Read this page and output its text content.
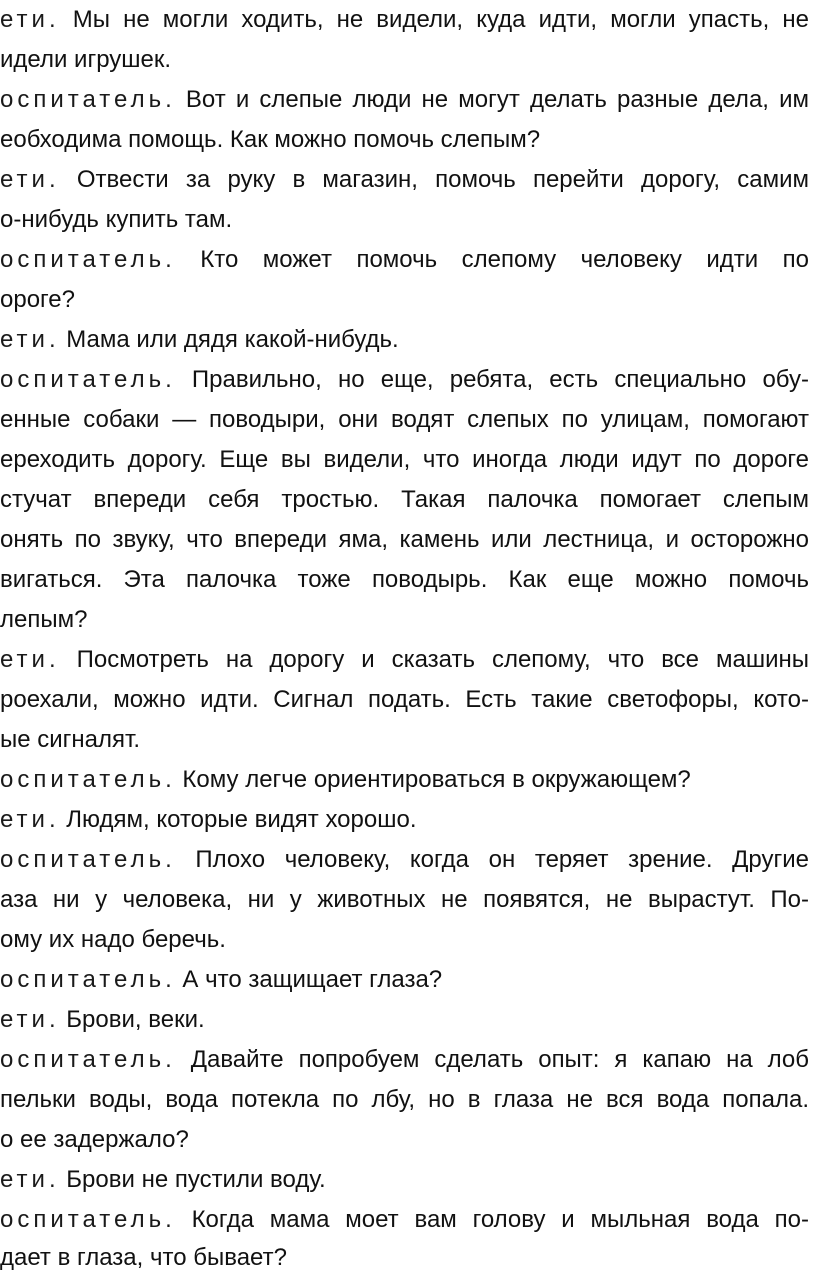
ети. Мы не могли ходить, не видели, куда идти, могли упасть, не
идели игрушек.
оспитатель. Вот и слепые люди не могут делать разные дела, им
еобходима помощь. Как можно помочь слепым?
ети. Отвести за руку в магазин, помочь перейти дорогу, самим
о-нибудь купить там.
оспитатель. Кто может помочь слепому человеку идти по
ороге?
ети. Мама или дядя какой-нибудь.
оспитатель. Правильно, но еще, ребята, есть специально обу-
енные собаки — поводыри, они водят слепых по улицам, помогают
ереходить дорогу. Еще вы видели, что иногда люди идут по дороге
стучат впереди себя тростью. Такая палочка помогает слепым
онять по звуку, что впереди яма, камень или лестница, и осторожно
вигаться. Эта палочка тоже поводырь. Как еще можно помочь
лепым?
ети. Посмотреть на дорогу и сказать слепому, что все машины
роехали, можно идти. Сигнал подать. Есть такие светофоры, кото-
ые сигналят.
оспитатель. Кому легче ориентироваться в окружающем?
ети. Людям, которые видят хорошо.
оспитатель. Плохо человеку, когда он теряет зрение. Другие
аза ни у человека, ни у животных не появятся, не вырастут. По-
ому их надо беречь.
оспитатель. А что защищает глаза?
ети. Брови, веки.
оспитатель. Давайте попробуем сделать опыт: я капаю на лоб
пельки воды, вода потекла по лбу, но в глаза не вся вода попала.
о ее задержало?
ети. Брови не пустили воду.
оспитатель. Когда мама моет вам голову и мыльная вода по-
дает в глаза, что бывает?
